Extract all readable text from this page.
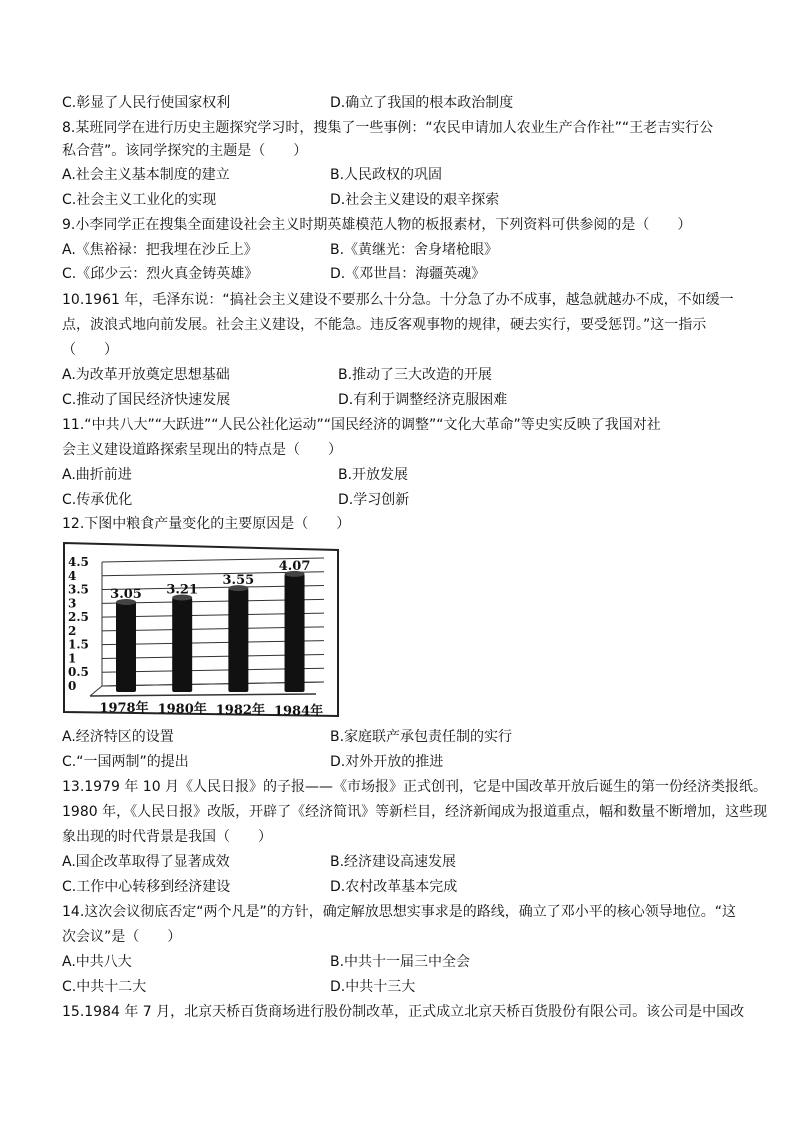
C.彰显了人民行使国家权利	D.确立了我国的根本政治制度
8.某班同学在进行历史主题探究学习时，搜集了一些事例：“农民申请加人农业生产合作社”“王老吉实行公
私合营”。该同学探究的主题是（　　）
A.社会主义基本制度的建立	B.人民政权的巩固
C.社会主义工业化的实现	D.社会主义建设的艰辛探索
9.小李同学正在搜集全面建设社会主义时期英雄模范人物的板报素材，下列资料可供参阅的是（　　）
A.《焦裕禄：把我埋在沙丘上》	B.《黄继光：舍身堵枪眼》
C.《邱少云：烈火真金铸英雄》	D.《邓世昌：海疆英魂》
10.1961 年，毛泽东说：“搞社会主义建设不要那么十分急。十分急了办不成事，越急就越办不成，不如缓一
点，波浪式地向前发展。社会主义建设，不能急。违反客观事物的规律，硬去实行，要受惩罚。”这一指示
（　　）
A.为改革开放奠定思想基础	B.推动了三大改造的开展
C.推动了国民经济快速发展	D.有利于调整经济克服困难
11.“中共八大”“大跃进”“人民公社化运动”“国民经济的调整”“文化大革命”等史实反映了我国对社
会主义建设道路探索呈现出的特点是（　　）
A.曲折前进	B.开放发展
C.传承优化	D.学习创新
12.下图中粮食产量变化的主要原因是（　　）
0
0.5
1
1.5
2
2.5
3
3.5
4
4.5
3.05
1978年
3.21
1980年
3.55
1982年
4.07
1984年
A.经济特区的设置	B.家庭联产承包责任制的实行
C.“一国两制”的提出	D.对外开放的推进
13.1979 年 10 月《人民日报》的子报——《市场报》正式创刊，它是中国改革开放后诞生的第一份经济类报纸。
1980 年，《人民日报》改版，开辟了《经济简讯》等新栏目，经济新闻成为报道重点，幅和数量不断增加，这些现
象出现的时代背景是我国（　　）
A.国企改革取得了显著成效	B.经济建设高速发展
C.工作中心转移到经济建设	D.农村改革基本完成
14.这次会议彻底否定“两个凡是”的方针，确定解放思想实事求是的路线，确立了邓小平的核心领导地位。“这
次会议”是（　　）
A.中共八大	B.中共十一届三中全会
C.中共十二大	D.中共十三大
15.1984 年 7 月，北京天桥百货商场进行股份制改革，正式成立北京天桥百货股份有限公司。该公司是中国改
